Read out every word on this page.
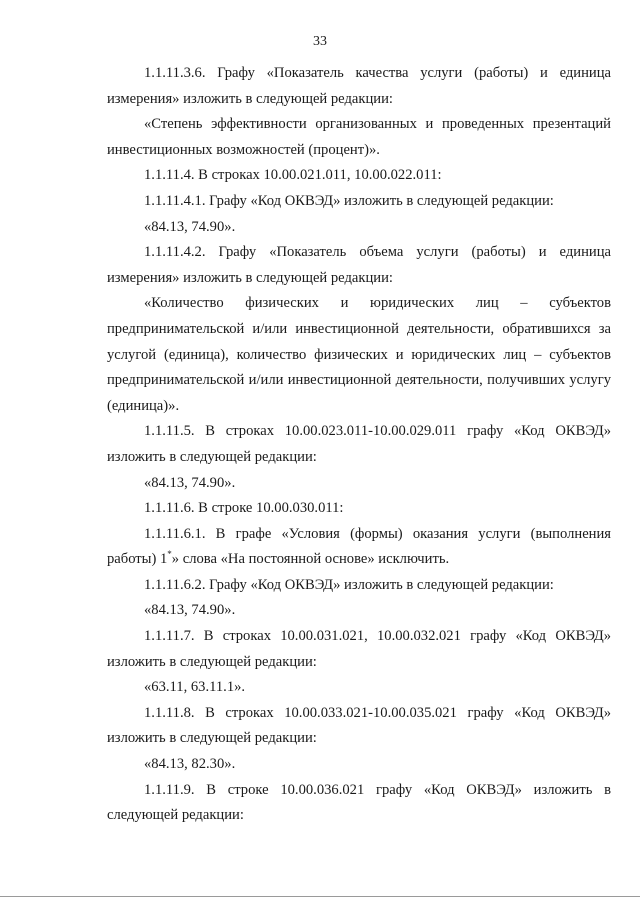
33

1.1.11.3.6. Графу «Показатель качества услуги (работы) и единица измерения» изложить в следующей редакции:

«Степень эффективности организованных и проведенных презентаций инвестиционных возможностей (процент)».

1.1.11.4. В строках 10.00.021.011, 10.00.022.011:

1.1.11.4.1. Графу «Код ОКВЭД» изложить в следующей редакции:

«84.13, 74.90».

1.1.11.4.2. Графу «Показатель объема услуги (работы) и единица измерения» изложить в следующей редакции:

«Количество физических и юридических лиц – субъектов предпринимательской и/или инвестиционной деятельности, обратившихся за услугой (единица), количество физических и юридических лиц – субъектов предпринимательской и/или инвестиционной деятельности, получивших услугу (единица)».

1.1.11.5. В строках 10.00.023.011-10.00.029.011 графу «Код ОКВЭД» изложить в следующей редакции:

«84.13, 74.90».

1.1.11.6. В строке 10.00.030.011:

1.1.11.6.1. В графе «Условия (формы) оказания услуги (выполнения работы) 1*» слова «На постоянной основе» исключить.

1.1.11.6.2. Графу «Код ОКВЭД» изложить в следующей редакции:

«84.13, 74.90».

1.1.11.7. В строках 10.00.031.021, 10.00.032.021 графу «Код ОКВЭД» изложить в следующей редакции:

«63.11, 63.11.1».

1.1.11.8. В строках 10.00.033.021-10.00.035.021 графу «Код ОКВЭД» изложить в следующей редакции:

«84.13, 82.30».

1.1.11.9. В строке 10.00.036.021 графу «Код ОКВЭД» изложить в следующей редакции:
